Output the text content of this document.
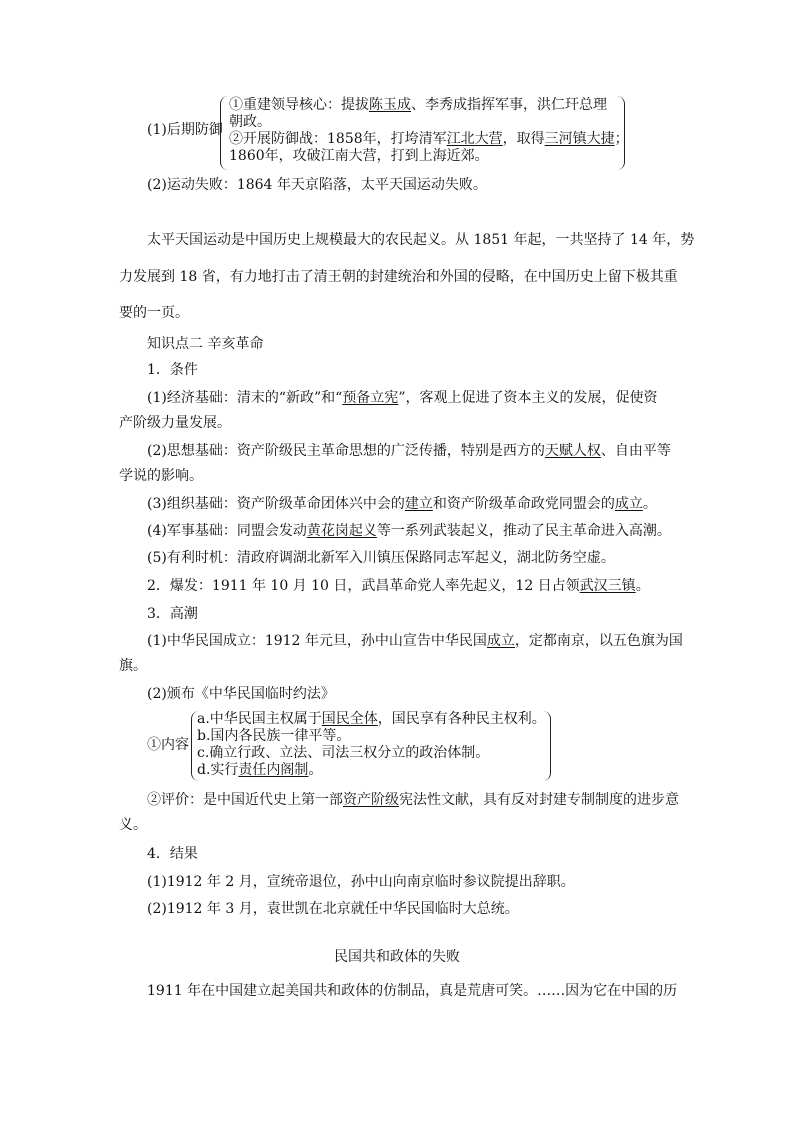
(1)后期防御
①重建领导核心：提拔陈玉成、李秀成指挥军事，洪仁玕总理
朝政。
②开展防御战：1858年，打垮清军江北大营，取得三河镇大捷；
1860年，攻破江南大营，打到上海近郊。
(2)运动失败：1864 年天京陷落，太平天国运动失败。
太平天国运动是中国历史上规模最大的农民起义。从 1851 年起，一共坚持了 14 年，势
力发展到 18 省，有力地打击了清王朝的封建统治和外国的侵略，在中国历史上留下极其重
要的一页。
知识点二 辛亥革命
1．条件
(1)经济基础：清末的“新政”和“预备立宪”，客观上促进了资本主义的发展，促使资
产阶级力量发展。
(2)思想基础：资产阶级民主革命思想的广泛传播，特别是西方的天赋人权、自由平等
学说的影响。
(3)组织基础：资产阶级革命团体兴中会的建立和资产阶级革命政党同盟会的成立。
(4)军事基础：同盟会发动黄花岗起义等一系列武装起义，推动了民主革命进入高潮。
(5)有利时机：清政府调湖北新军入川镇压保路同志军起义，湖北防务空虚。
2．爆发：1911 年 10 月 10 日，武昌革命党人率先起义，12 日占领武汉三镇。
3．高潮
(1)中华民国成立：1912 年元旦，孙中山宣告中华民国成立，定都南京，以五色旗为国
旗。
(2)颁布《中华民国临时约法》
①内容
a.中华民国主权属于国民全体，国民享有各种民主权利。
b.国内各民族一律平等。
c.确立行政、立法、司法三权分立的政治体制。
d.实行责任内阁制。
②评价：是中国近代史上第一部资产阶级宪法性文献，具有反对封建专制制度的进步意
义。
4．结果
(1)1912 年 2 月，宣统帝退位，孙中山向南京临时参议院提出辞职。
(2)1912 年 3 月，袁世凯在北京就任中华民国临时大总统。
民国共和政体的失败
1911 年在中国建立起美国共和政体的仿制品，真是荒唐可笑。……因为它在中国的历
